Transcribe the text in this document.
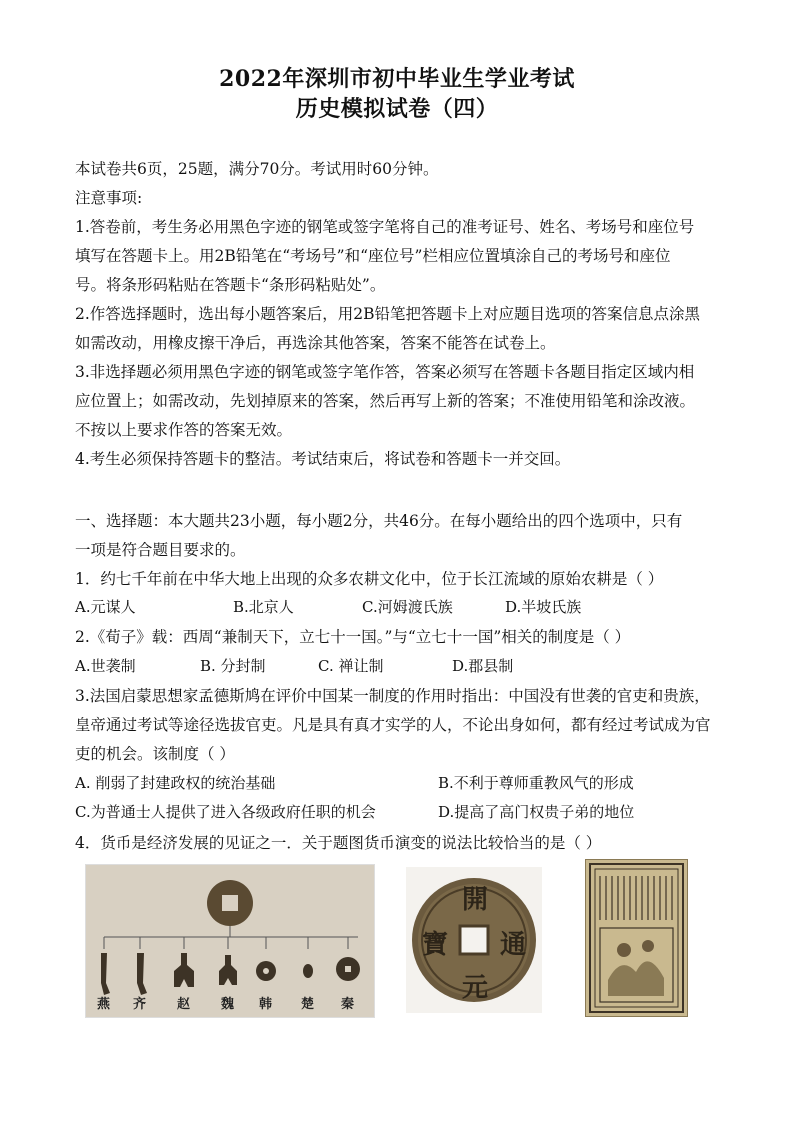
2022年深圳市初中毕业生学业考试
历史模拟试卷（四）
本试卷共6页，25题，满分70分。考试用时60分钟。
注意事项:
1.答卷前，考生务必用黑色字迹的钢笔或签字笔将自己的准考证号、姓名、考场号和座位号
填写在答题卡上。用2B铅笔在“考场号”和“座位号”栏相应位置填涂自己的考场号和座位
号。将条形码粘贴在答题卡“条形码粘贴处”。
2.作答选择题时，选出每小题答案后，用2B铅笔把答题卡上对应题目选项的答案信息点涂黑
如需改动，用橡皮擦干净后，再选涂其他答案，答案不能答在试卷上。
3.非选择题必须用黑色字迹的钢笔或签字笔作答，答案必须写在答题卡各题目指定区域内相
应位置上；如需改动，先划掉原来的答案，然后再写上新的答案；不准使用铅笔和涂改液。
不按以上要求作答的答案无效。
4.考生必须保持答题卡的整洁。考试结束后，将试卷和答题卡一并交回。
一、选择题：本大题共23小题，每小题2分，共46分。在每小题给出的四个选项中，只有
一项是符合题目要求的。
1．约七千年前在中华大地上出现的众多农耕文化中，位于长江流域的原始农耕是（ ）
A.元谋人	B.北京人	C.河姆渡氏族	D.半坡氏族
2.《荀子》载：西周“兼制天下，立七十一国。”与“立七十一国”相关的制度是（ ）
A.世袭制	B. 分封制	C. 禅让制	D.郡县制
3.法国启蒙思想家孟德斯鸠在评价中国某一制度的作用时指出：中国没有世袭的官吏和贵族，
皇帝通过考试等途径选拔官吏。凡是具有真才实学的人，不论出身如何，都有经过考试成为官
吏的机会。该制度（ ）
A. 削弱了封建政权的统治基础	B.不利于尊师重教风气的形成
C.为普通士人提供了进入各级政府任职的机会	D.提高了高门权贵子弟的地位
4．货币是经济发展的见证之一．关于题图货币演变的说法比较恰当的是（ ）
燕 齐 赵 魏 韩 楚 秦
開
元
通
寶
